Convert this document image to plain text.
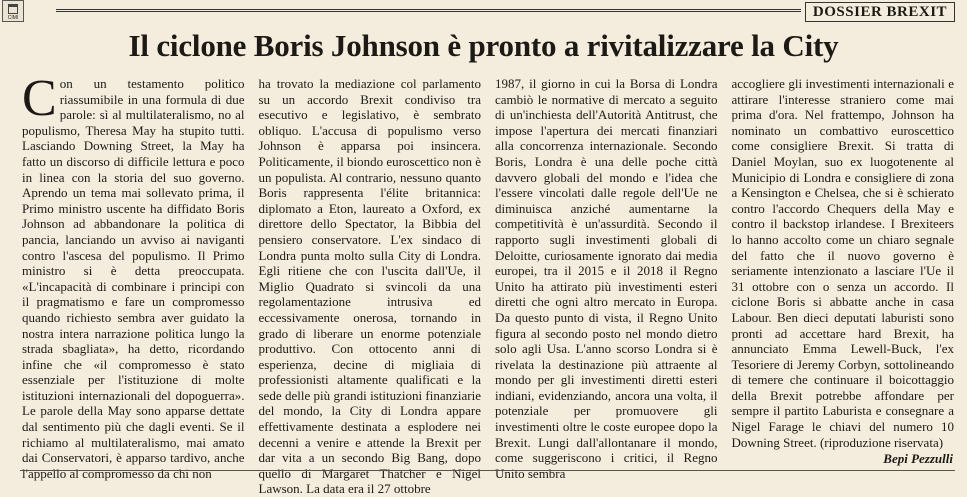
CIMI	DOSSIER BREXIT
Il ciclone Boris Johnson è pronto a rivitalizzare la City

Con un testamento politico riassumibile in una formula di due parole: sì al multilateralismo, no al populismo, Theresa May ha stupito tutti. Lasciando Downing Street, la May ha fatto un discorso di difficile lettura e poco in linea con la storia del suo governo. Aprendo un tema mai sollevato prima, il Primo ministro uscente ha diffidato Boris Johnson ad abbandonare la politica di pancia, lanciando un avviso ai naviganti contro l'ascesa del populismo. Il Primo ministro si è detta preoccupata. «L'incapacità di combinare i principi con il pragmatismo e fare un compromesso quando richiesto sembra aver guidato la nostra intera narrazione politica lungo la strada sbagliata», ha detto, ricordando infine che «il compromesso è stato essenziale per l'istituzione di molte istituzioni internazionali del dopoguerra». Le parole della May sono apparse dettate dal sentimento più che dagli eventi. Se il richiamo al multilateralismo, mai amato dai Conservatori, è apparso tardivo, anche l'appello al compromesso da chi non

ha trovato la mediazione col parlamento su un accordo Brexit condiviso tra esecutivo e legislativo, è sembrato obliquo. L'accusa di populismo verso Johnson è apparsa poi insincera. Politicamente, il biondo euroscettico non è un populista. Al contrario, nessuno quanto Boris rappresenta l'élite britannica: diplomato a Eton, laureato a Oxford, ex direttore dello Spectator, la Bibbia del pensiero conservatore. L'ex sindaco di Londra punta molto sulla City di Londra. Egli ritiene che con l'uscita dall'Ue, il Miglio Quadrato si svincoli da una regolamentazione intrusiva ed eccessivamente onerosa, tornando in grado di liberare un enorme potenziale produttivo. Con ottocento anni di esperienza, decine di migliaia di professionisti altamente qualificati e la sede delle più grandi istituzioni finanziarie del mondo, la City di Londra appare effettivamente destinata a esplodere nei decenni a venire e attende la Brexit per dar vita a un secondo Big Bang, dopo quello di Margaret Thatcher e Nigel Lawson. La data era il 27 ottobre

1987, il giorno in cui la Borsa di Londra cambiò le normative di mercato a seguito di un'inchiesta dell'Autorità Antitrust, che impose l'apertura dei mercati finanziari alla concorrenza internazionale. Secondo Boris, Londra è una delle poche città davvero globali del mondo e l'idea che l'essere vincolati dalle regole dell'Ue ne diminuisca anziché aumentarne la competitività è un'assurdità. Secondo il rapporto sugli investimenti globali di Deloitte, curiosamente ignorato dai media europei, tra il 2015 e il 2018 il Regno Unito ha attirato più investimenti esteri diretti che ogni altro mercato in Europa. Da questo punto di vista, il Regno Unito figura al secondo posto nel mondo dietro solo agli Usa. L'anno scorso Londra si è rivelata la destinazione più attraente al mondo per gli investimenti diretti esteri indiani, evidenziando, ancora una volta, il potenziale per promuovere gli investimenti oltre le coste europee dopo la Brexit. Lungi dall'allontanare il mondo, come suggeriscono i critici, il Regno Unito sembra

accogliere gli investimenti internazionali e attirare l'interesse straniero come mai prima d'ora. Nel frattempo, Johnson ha nominato un combattivo euroscettico come consigliere Brexit. Si tratta di Daniel Moylan, suo ex luogotenente al Municipio di Londra e consigliere di zona a Kensington e Chelsea, che si è schierato contro l'accordo Chequers della May e contro il backstop irlandese. I Brexiteers lo hanno accolto come un chiaro segnale del fatto che il nuovo governo è seriamente intenzionato a lasciare l'Ue il 31 ottobre con o senza un accordo. Il ciclone Boris si abbatte anche in casa Labour. Ben dieci deputati laburisti sono pronti ad accettare hard Brexit, ha annunciato Emma Lewell-Buck, l'ex Tesoriere di Jeremy Corbyn, sottolineando di temere che continuare il boicottaggio della Brexit potrebbe affondare per sempre il partito Laburista e consegnare a Nigel Farage le chiavi del numero 10 Downing Street. (riproduzione riservata)

Bepi Pezzulli
